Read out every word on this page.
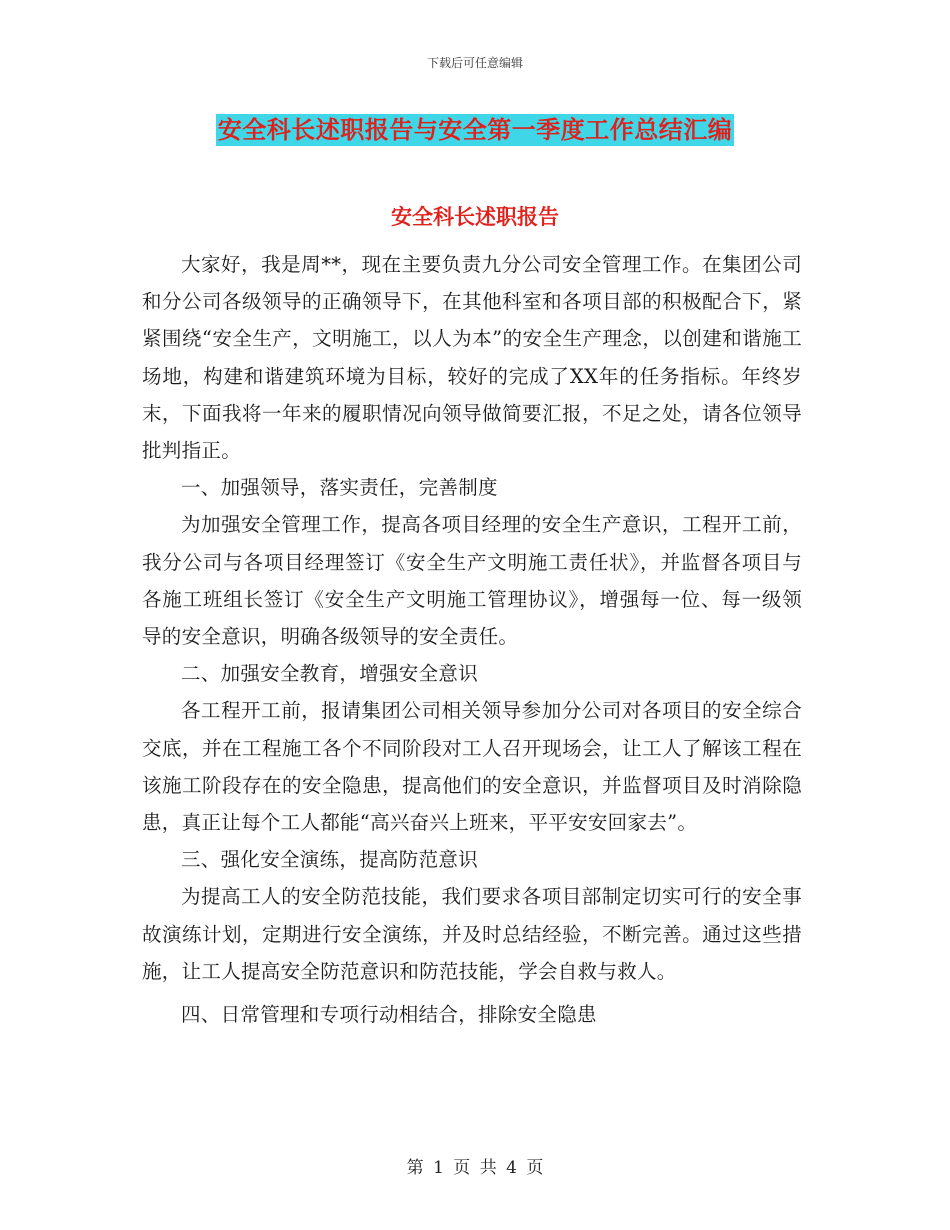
下载后可任意编辑
安全科长述职报告与安全第一季度工作总结汇编
安全科长述职报告

大家好，我是周**，现在主要负责九分公司安全管理工作。在集团公司和分公司各级领导的正确领导下，在其他科室和各项目部的积极配合下，紧紧围绕“安全生产，文明施工，以人为本”的安全生产理念，以创建和谐施工场地，构建和谐建筑环境为目标，较好的完成了XX年的任务指标。年终岁末，下面我将一年来的履职情况向领导做简要汇报，不足之处，请各位领导批判指正。

一、加强领导，落实责任，完善制度

为加强安全管理工作，提高各项目经理的安全生产意识，工程开工前，我分公司与各项目经理签订《安全生产文明施工责任状》，并监督各项目与各施工班组长签订《安全生产文明施工管理协议》，增强每一位、每一级领导的安全意识，明确各级领导的安全责任。

二、加强安全教育，增强安全意识

各工程开工前，报请集团公司相关领导参加分公司对各项目的安全综合交底，并在工程施工各个不同阶段对工人召开现场会，让工人了解该工程在该施工阶段存在的安全隐患，提高他们的安全意识，并监督项目及时消除隐患，真正让每个工人都能“高兴奋兴上班来，平平安安回家去”。

三、强化安全演练，提高防范意识

为提高工人的安全防范技能，我们要求各项目部制定切实可行的安全事故演练计划，定期进行安全演练，并及时总结经验，不断完善。通过这些措施，让工人提高安全防范意识和防范技能，学会自救与救人。

四、日常管理和专项行动相结合，排除安全隐患

第 1 页 共 4 页
